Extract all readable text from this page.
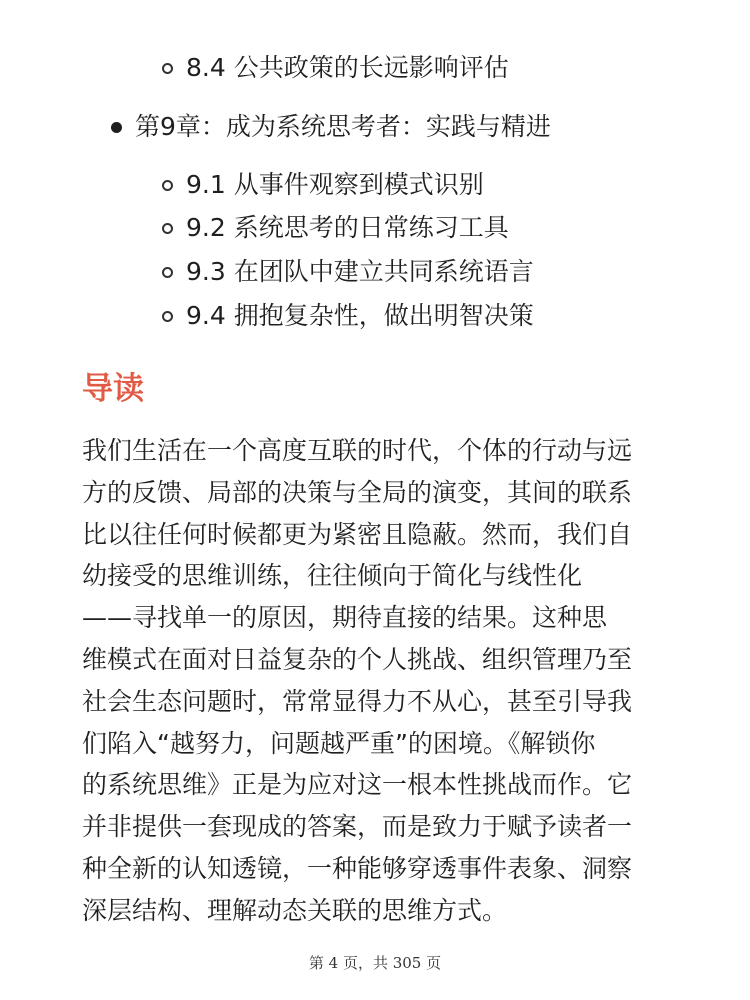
8.4 公共政策的长远影响评估
第9章：成为系统思考者：实践与精进
9.1 从事件观察到模式识别
9.2 系统思考的日常练习工具
9.3 在团队中建立共同系统语言
9.4 拥抱复杂性，做出明智决策
导读

我们生活在一个高度互联的时代，个体的行动与远
方的反馈、局部的决策与全局的演变，其间的联系
比以往任何时候都更为紧密且隐蔽。然而，我们自
幼接受的思维训练，往往倾向于简化与线性化
——寻找单一的原因，期待直接的结果。这种思
维模式在面对日益复杂的个人挑战、组织管理乃至
社会生态问题时，常常显得力不从心，甚至引导我
们陷入“越努力，问题越严重”的困境。《解锁你
的系统思维》正是为应对这一根本性挑战而作。它
并非提供一套现成的答案，而是致力于赋予读者一
种全新的认知透镜，一种能够穿透事件表象、洞察
深层结构、理解动态关联的思维方式。

第 4 页，共 305 页
